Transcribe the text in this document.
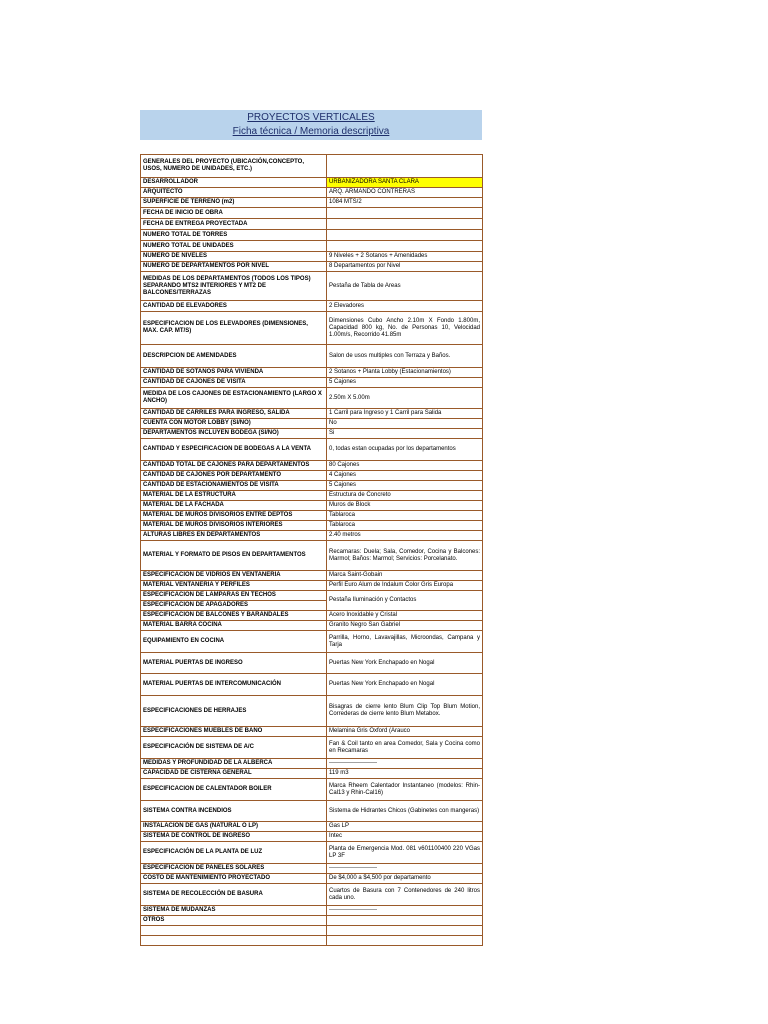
PROYECTOS VERTICALES
Ficha técnica / Memoria descriptiva
GENERALES DEL PROYECTO (UBICACIÓN,CONCEPTO, USOS, NUMERO DE UNIDADES, ETC.)	
DESARROLLADOR	URBANIZADORA SANTA CLARA
ARQUITECTO	ARQ. ARMANDO CONTRERAS
SUPERFICIE DE TERRENO (m2)	1084 MTS/2
FECHA DE INICIO DE OBRA	
FECHA DE ENTREGA PROYECTADA	
NUMERO TOTAL DE TORRES	
NUMERO TOTAL DE UNIDADES	
NUMERO DE NIVELES	9 Niveles + 2 Sotanos + Amenidades
NUMERO DE DEPARTAMENTOS POR NIVEL	8 Departamentos por Nivel
MEDIDAS DE LOS DEPARTAMENTOS (TODOS LOS TIPOS) SEPARANDO MTS2 INTERIORES Y MT2 DE BALCONES/TERRAZAS	Pestaña de Tabla de Areas
CANTIDAD DE ELEVADORES	2 Elevadores
ESPECIFICACION DE LOS ELEVADORES (DIMENSIONES, MAX. CAP. MT/S)	Dimensiones Cubo Ancho 2.10m X Fondo 1.800m, Capacidad 800 kg, No. de Personas 10, Velocidad 1.00m/s, Recorrido 41.85m
DESCRIPCION DE AMENIDADES	Salon de usos multiples con Terraza y Baños.
CANTIDAD DE SOTANOS PARA VIVIENDA	2 Sotanos + Planta Lobby (Estacionamientos)
CANTIDAD DE CAJONES DE VISITA	5 Cajones
MEDIDA DE LOS CAJONES DE ESTACIONAMIENTO (LARGO X ANCHO)	2.50m X 5.00m
CANTIDAD DE CARRILES PARA INGRESO, SALIDA	1 Carril para Ingreso y 1 Carril para Salida
CUENTA CON MOTOR LOBBY (SI/NO)	No
DEPARTAMENTOS INCLUYEN BODEGA (SI/NO)	Si
CANTIDAD Y ESPECIFICACION DE BODEGAS A LA VENTA	0, todas estan ocupadas por los departamentos
CANTIDAD TOTAL DE CAJONES PARA DEPARTAMENTOS	80 Cajones
CANTIDAD DE CAJONES POR DEPARTAMENTO	4 Cajones
CANTIDAD DE ESTACIONAMIENTOS DE VISITA	5 Cajones
MATERIAL DE LA ESTRUCTURA	Estructura de Concreto
MATERIAL DE LA FACHADA	Muros de Block
MATERIAL DE MUROS DIVISORIOS ENTRE DEPTOS	Tablaroca
MATERIAL DE MUROS DIVISORIOS INTERIORES	Tablaroca
ALTURAS LIBRES EN DEPARTAMENTOS	2.40 metros
MATERIAL Y FORMATO DE PISOS EN DEPARTAMENTOS	Recamaras: Duela; Sala, Comedor, Cocina y Balcones: Marmol; Baños: Marmol; Servicios: Porcelanato.
ESPECIFICACIÓN DE VIDRIOS EN VENTANERIA	Marca Saint-Gobain
MATERIAL VENTANERIA Y PERFILES	Perfil Euro Alum de Indalum Color Gris Europa
ESPECIFICACIÓN DE LAMPARAS EN TECHOS	Pestaña Iluminación y Contactos
ESPECIFICACIÓN DE APAGADORES	
ESPECIFICACIÓN DE BALCONES Y BARANDALES	Acero Inoxidable y Cristal
MATERIAL BARRA COCINA	Granito Negro San Gabriel
EQUIPAMIENTO EN COCINA	Parrilla, Horno, Lavavajillas, Microondas, Campana y Tarja
MATERIAL PUERTAS DE INGRESO	Puertas New York Enchapado en Nogal
MATERIAL PUERTAS DE INTERCOMUNICACIÓN	Puertas New York Enchapado en Nogal
ESPECIFICACIONES DE HERRAJES	Bisagras de cierre lento Blum Clip Top Blum Motion, Correderas de cierre lento Blum Metabox.
ESPECIFICACIONES MUEBLES DE BAÑO	Melamina Gris Oxford (Arauco
ESPECIFICACIÓN DE SISTEMA DE A/C	Fan & Coil tanto en area Comedor, Sala y Cocina como en Recamaras
MEDIDAS Y PROFUNDIDAD DE LA ALBERCA	------------------------
CAPACIDAD DE CISTERNA GENERAL	119 m3
ESPECIFICACION DE CALENTADOR BOILER	Marca Rheem Calentador Instantaneo (modelos: Rhin-Cal13 y Rhin-Cal16)
SISTEMA CONTRA INCENDIOS	Sistema de Hidrantes Chicos (Gabinetes con mangeras)
INSTALACION DE GAS (NATURAL O LP)	Gas LP
SISTEMA DE CONTROL DE INGRESO	Intec
ESPECIFICACIÓN DE LA PLANTA DE LUZ	Planta de Emergencia Mod. 081 v601100400 220 VGas LP 3F
ESPECIFICACIÓN DE PANELES SOLARES	------------------------
COSTO DE MANTENIMIENTO PROYECTADO	De $4,000 a $4,500 por departamento
SISTEMA DE RECOLECCIÓN DE BASURA	Cuartos de Basura con 7 Contenedores de 240 litros cada uno.
SISTEMA DE MUDANZAS	------------------------
OTROS	
